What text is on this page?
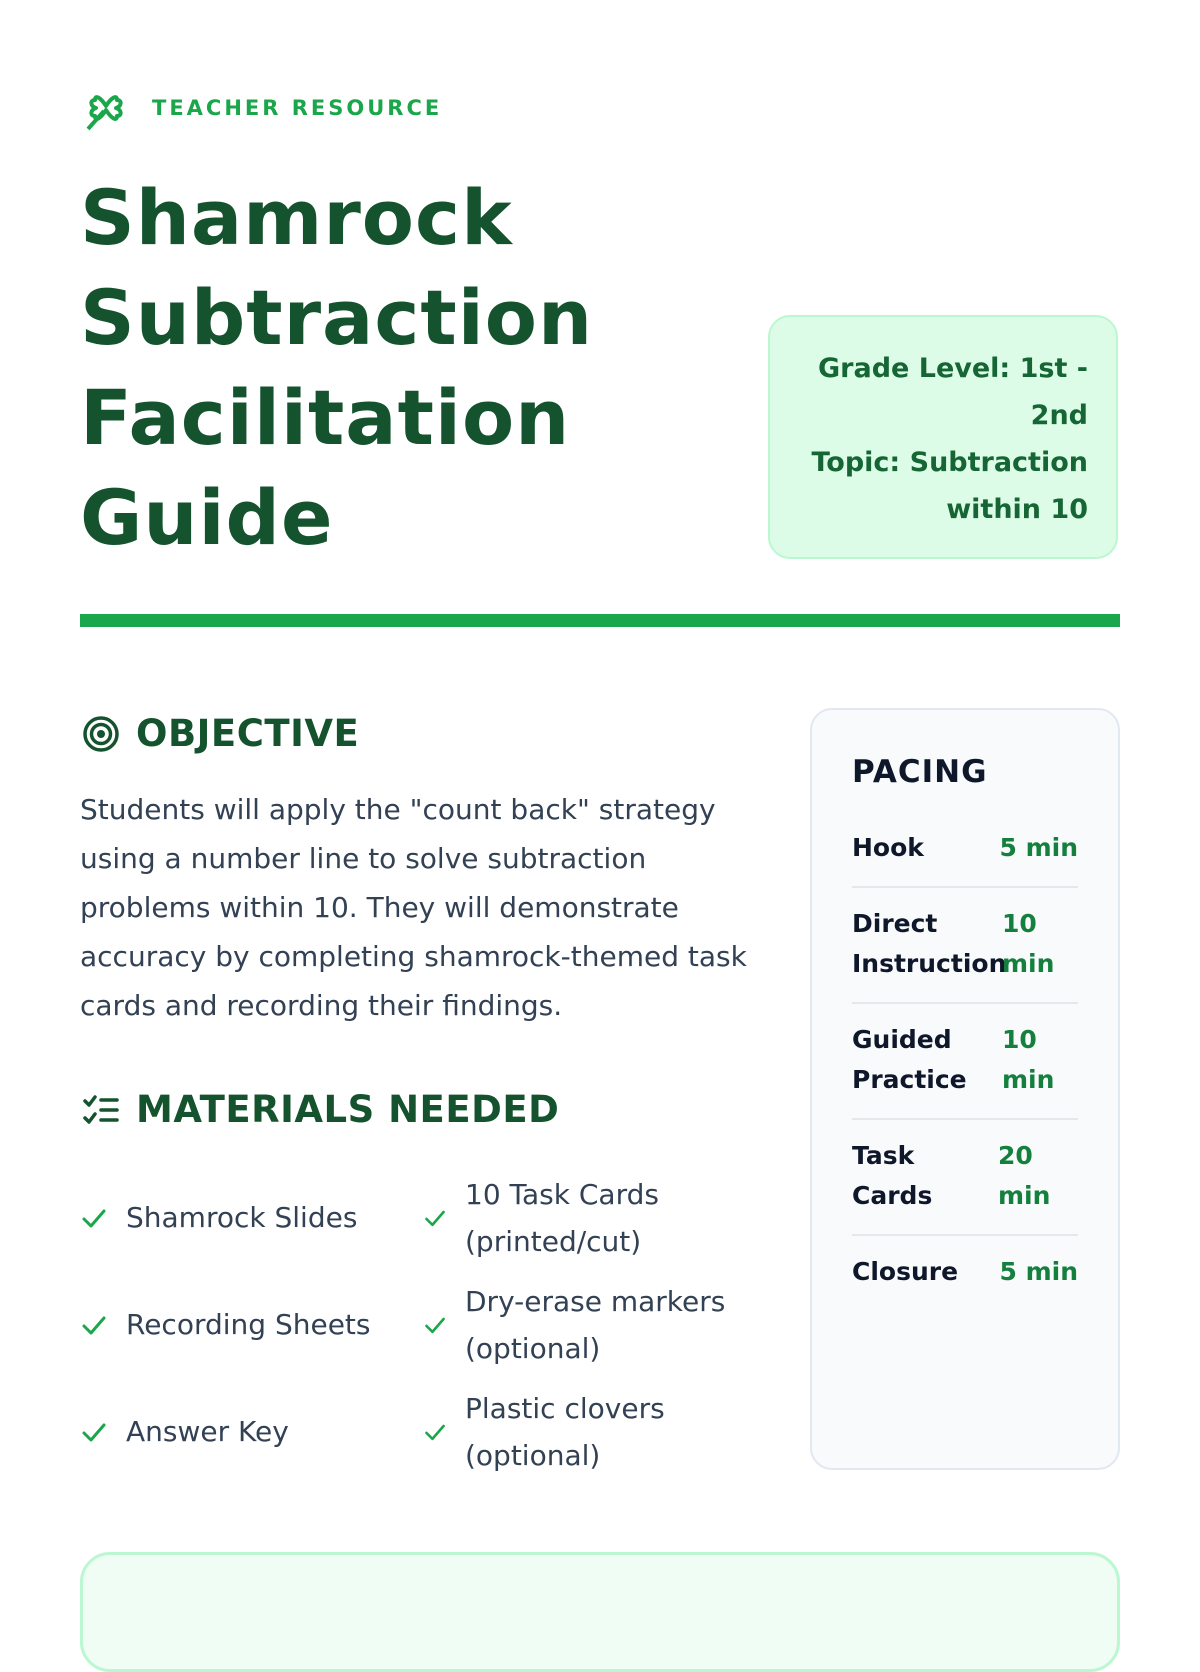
TEACHER RESOURCE
Shamrock Subtraction Facilitation Guide
Grade Level: 1st - 2nd
Topic: Subtraction within 10
OBJECTIVE

Students will apply the "count back" strategy using a number line to solve subtraction problems within 10. They will demonstrate accuracy by completing shamrock-themed task cards and recording their findings.

MATERIALS NEEDED
Shamrock Slides
10 Task Cards (printed/cut)
Recording Sheets
Dry-erase markers (optional)
Answer Key
Plastic clovers (optional)
PACING
Hook	5 min
Direct Instruction
10 min
Guided Practice
10 min
Task Cards
20 min
Closure 5 min
